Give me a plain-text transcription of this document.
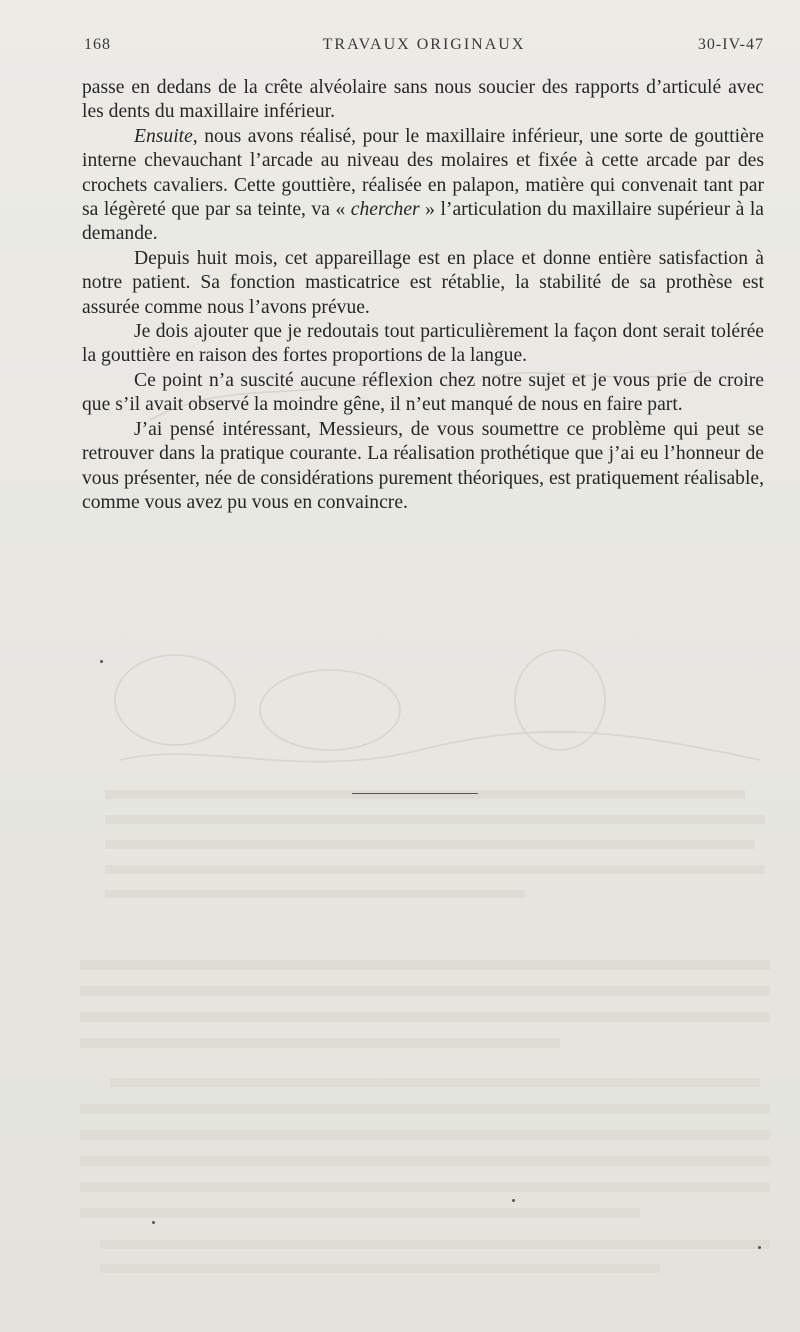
168	TRAVAUX ORIGINAUX	30-IV-47

passe en dedans de la crête alvéolaire sans nous soucier des rapports d’articulé avec les dents du maxillaire inférieur.

Ensuite, nous avons réalisé, pour le maxillaire inférieur, une sorte de gouttière interne chevauchant l’arcade au niveau des molaires et fixée à cette arcade par des crochets cavaliers. Cette gouttière, réalisée en palapon, matière qui convenait tant par sa légèreté que par sa teinte, va « chercher » l’articulation du maxillaire supérieur à la demande.

Depuis huit mois, cet appareillage est en place et donne entière satisfaction à notre patient. Sa fonction masticatrice est rétablie, la stabilité de sa prothèse est assurée comme nous l’avons prévue.

Je dois ajouter que je redoutais tout particulièrement la façon dont serait tolérée la gouttière en raison des fortes proportions de la langue.

Ce point n’a suscité aucune réflexion chez notre sujet et je vous prie de croire que s’il avait observé la moindre gêne, il n’eut manqué de nous en faire part.

J’ai pensé intéressant, Messieurs, de vous soumettre ce problème qui peut se retrouver dans la pratique courante. La réalisation prothétique que j’ai eu l’honneur de vous présenter, née de considérations purement théoriques, est pratiquement réalisable, comme vous avez pu vous en convaincre.
